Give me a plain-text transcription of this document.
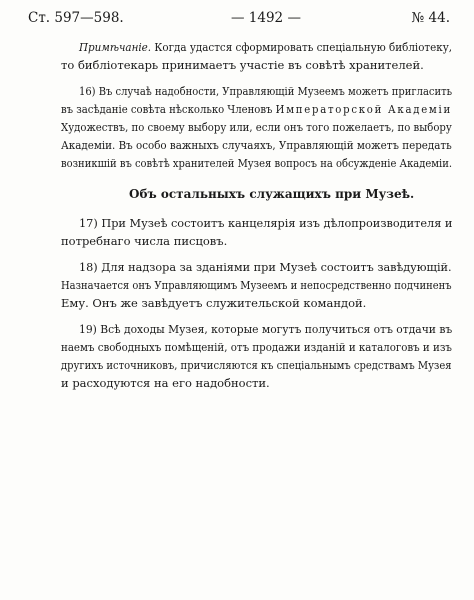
Ст. 597—598.	— 1492 —	№ 44.
Примѣчаніе. Когда удастся сформировать спеціальную библіотеку,
то библіотекарь принимаетъ участіе въ совѣтѣ хранителей.
16) Въ случаѣ надобности, Управляющій Музеемъ можетъ пригласить
въ засѣданіе совѣта нѣсколько Членовъ Императорской Академіи
Художествъ, по своему выбору или, если онъ того пожелаетъ, по выбору
Академіи. Въ особо важныхъ случаяхъ, Управляющій можетъ передать
возникшій въ совѣтѣ хранителей Музея вопросъ на обсужденіе Академіи.
Объ остальныхъ служащихъ при Музеѣ.
17) При Музеѣ состоитъ канцелярія изъ дѣлопроизводителя и
потребнаго числа писцовъ.
18) Для надзора за зданіями при Музеѣ состоитъ завѣдующій.
Назначается онъ Управляющимъ Музеемъ и непосредственно подчиненъ
Ему. Онъ же завѣдуетъ служительской командой.
19) Всѣ доходы Музея, которые могутъ получиться отъ отдачи въ
наемъ свободныхъ помѣщеній, отъ продажи изданій и каталоговъ и изъ
другихъ источниковъ, причисляются къ спеціальнымъ средствамъ Музея
и расходуются на его надобности.
